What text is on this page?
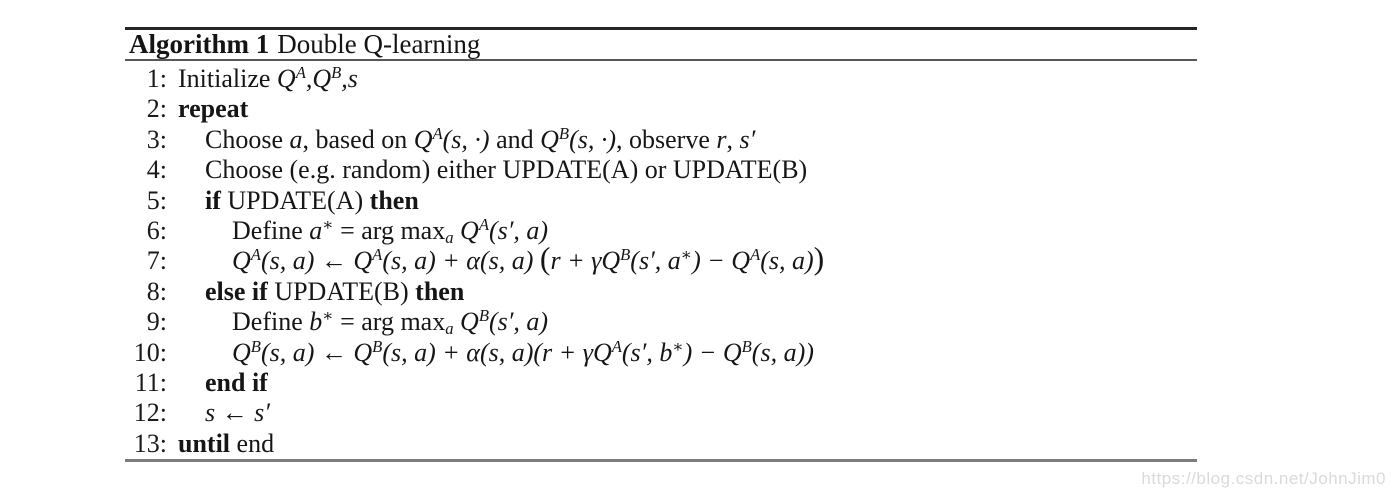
Algorithm 1 Double Q-learning
1: Initialize $Q^A,Q^B,s$
2: repeat
3: Choose a, based on $Q^A(s$, ·) and $Q^B(s$, ·), observe r, s′
4: Choose (e.g. random) either UPDATE(A) or UPDATE(B)
5: if UPDATE(A) then
6:	Define a∗ = arg maxa $Q^A(s'$, a)
7:	$Q^A(s$, a) ← $Q^A(s$, a) + α(s, a) ($r + \gamma Q^B(s'$, $a^∗) - Q^A(s$, a))
8: else if UPDATE(B) then
9:	Define b∗ = arg maxa $Q^B(s'$, a)
10:	$Q^B(s$, a) ← $Q^B(s$, a) + α(s, $a)(r + \gamma Q^A(s'$, $b^∗) - Q^B(s$, a))
11: end if
12: s ← s′
13: until end
https://blog.csdn.net/JohnJim0
